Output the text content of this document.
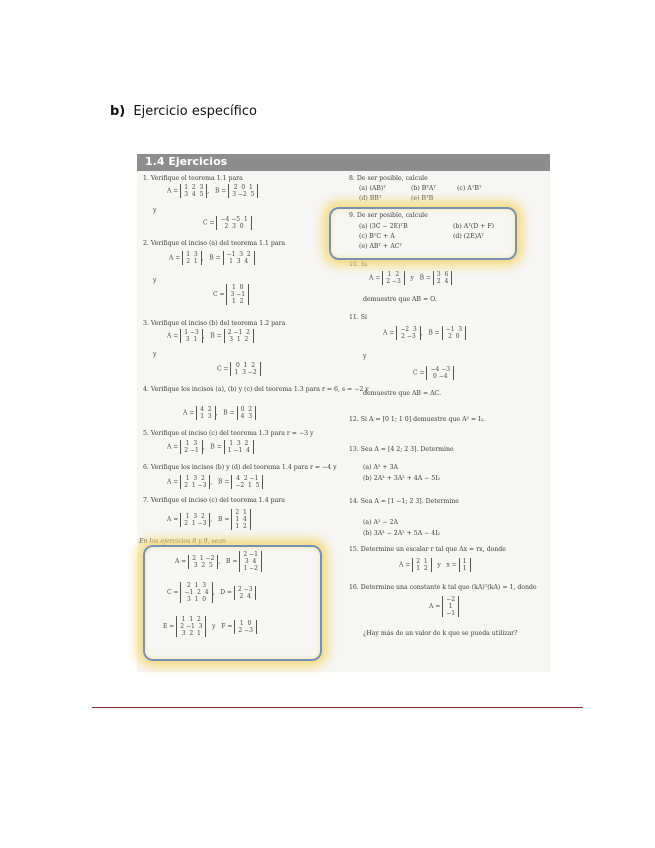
b) Ejercicio específico
1.4 Ejercicios
1. Verifique el teorema 1.1 para
A = 1  2  3
3  4  5 ,   B = 2  0  1
3 −2  5
y
C = −4 −5  1
2  3  0
2. Verifique el inciso (a) del teorema 1.1 para
A = 1  3
2  1 ,   B = −1  3  2
1  3  4
y
C = 1  0
3 −1
1  2
3. Verifique el inciso (b) del teorema 1.2 para
A = 1 −3
3  1 ,   B = 2 −1  2
3  1  2
y
C = 0  1  2
1  3 −2
4. Verifique los incisos (a), (b) y (c) del teorema 1.3 para r = 6, s = −2 y
A = 4  2
1  3 ,   B = 0  2
4  3
5. Verifique el inciso (c) del teorema 1.3 para r = −3 y
A = 1  3
2 −1 ,   B = 1  3  2
1 −1  4
6. Verifique los incisos (b) y (d) del teorema 1.4 para r = −4 y
A = 1  3  2
2  1 −3 ,   B = 4  2 −1
−2  1  5
7. Verifique el inciso (c) del teorema 1.4 para
A = 1  3  2
2  1 −3 ,   B = 2  1
1  4
1  2
En los ejercicios 8 y 9, sean
A = 2  1 −2
3  2  5 ,   B = 2 −1
3  4
1 −2
C = 2  1  3
−1  2  4
3  1  0,   D = 2 −3
2  4
E = 1  1  2
2 −1  3
3  2  1   y   F = 1  0
2 −3
8. De ser posible, calcule
(a) (AB)ᵀ	(b) BᵀAᵀ	(c) AᵀBᵀ
(d) BBᵀ	(e) BᵀB
9. De ser posible, calcule
(a) (3C − 2E)ᵀB	(b) Aᵀ(D + F)
(c) BᵀC + A	(d) (2E)Aᵀ
(e) ABᵀ + ACᵀ
10. Si
A = 1  2
2 −3   y   B = 3  6
2  4
demuestre que AB = O.
11. Si
A = −2  3
2 −3 ,   B = −1  3
2  0
y
C = −4 −3
0 −4
demuestre que AB = AC.
12. Si A = [0 1; 1 0] demuestre que A² = I₂.
13. Sea A = [4 2; 2 3]. Determine
(a) A² + 3A
(b) 2A³ + 3A² + 4A − 5I₂
14. Sea A = [1 −1; 2 3]. Determine
(a) A² − 2A
(b) 3A³ − 2A² + 5A − 4I₂
15. Determine un escalar r tal que Ax = rx, donde
A = 2  1
1  2   y   x = 1
1
16. Determine una constante k tal que (kA)ᵀ(kA) = 1, donde
A = −2
1
−1
¿Hay más de un valor de k que se pueda utilizar?
